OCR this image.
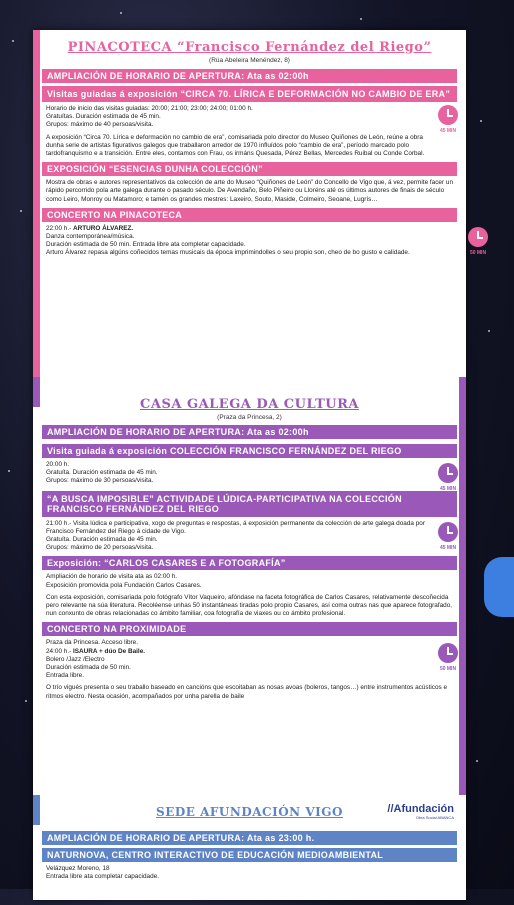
PINACOTECA “Francisco Fernández del Riego”
(Rúa Abeleira Menéndez, 8)
AMPLIACIÓN DE HORARIO DE APERTURA: Ata as 02:00h
Visitas guiadas á exposición “CIRCA 70. LÍRICA E DEFORMACIÓN NO CAMBIO DE ERA”

Horario de inicio das visitas guiadas: 20:00; 21:00; 23:00; 24:00; 01:00 h.

Gratuítas. Duración estimada de 45 min.

Grupos: máximo de 40 persoas/visita.

A exposición “Circa 70. Lírica e deformación no cambio de era”, comisariada polo director do Museo Quiñones de León, reúne a obra dunha serie de artistas figurativos galegos que traballaron arredor de 1970 influídos polo “cambio de era”, período marcado polo tardofranquismo e a transición. Entre eles, contamos con Frau, os irmáns Quesada, Pérez Bellas, Mercedes Ruibal ou Conde Corbal.

45 MIN
EXPOSICIÓN “ESENCIAS DUNHA COLECCIÓN”

Mostra de obras e autores representativos da colección de arte do Museo “Quiñones de León” do Concello de Vigo que, á vez, permite facer un rápido percorrido pola arte galega durante o pasado século. De Avendaño, Belo Piñeiro ou Lloréns até os últimos autores de finais de século como Leiro, Monroy ou Matamoro; e tamén os grandes mestres: Laxeiro, Souto, Maside, Colmeiro, Seoane, Lugrís…

CONCERTO NA PINACOTECA

22:00 h.- ARTURO ÁLVAREZ.

Danza contemporánea/música.

Duración estimada de 50 min. Entrada libre ata completar capacidade.

Arturo Álvarez repasa algúns coñecidos temas musicais da época imprimindolles o seu propio son, cheo de bo gusto e calidade.	50 MIN
CASA GALEGA DA CULTURA
(Praza da Princesa, 2)
AMPLIACIÓN DE HORARIO DE APERTURA: Ata as 02:00h
Visita guiada á exposición COLECCIÓN FRANCISCO FERNÁNDEZ DEL RIEGO

20:00 h.

Gratuíta. Duración estimada de 45 min.

Grupos: máximo de 30 persoas/visita.

45 MIN
“A BUSCA IMPOSIBLE” ACTIVIDADE LÚDICA-PARTICIPATIVA NA COLECCIÓN FRANCISCO FERNÁNDEZ DEL RIEGO

21:00 h.- Visita lúdica e participativa, xogo de preguntas e respostas, á exposición permanente da colección de arte galega doada por Francisco Fernández del Riego á cidade de Vigo.

Gratuíta. Duración estimada de 45 min.

Grupos: máximo de 20 persoas/visita.	45 MIN
Exposición: “CARLOS CASARES E A FOTOGRAFÍA”

Ampliación de horario de visita ata as 02:00 h.

Exposición promovida pola Fundación Carlos Casares.

Con esta exposición, comisariada polo fotógrafo Vítor Vaqueiro, afóndase na faceta fotográfica de Carlos Casares, relativamente descoñecida pero relevante na súa literatura. Recoléense unhas 50 instantáneas tiradas polo propio Casares, así coma outras nas que aparece fotografado, nun conxunto de obras relacionadas co ámbito familiar, coa fotografía de viaxes ou co ámbito profesional.

CONCERTO NA PROXIMIDADE

Praza da Princesa. Acceso libre.

24:00 h.- ISAURA + dúo De Baile.

Bolero /Jazz /Electro

Duración estimada de 50 min.

Entrada libre.

O trío vigués presenta o seu traballo baseado en cancións que escoitaban as nosas avoas (boleros, tangos…) entre instrumentos acústicos e ritmos electro. Nesta ocasión, acompañados por unha parella de baile

50 MIN
SEDE AFUNDACIÓN VIGO	//Afundación
Obra Social ABANCA
AMPLIACIÓN DE HORARIO DE APERTURA: Ata as 23:00 h.
NATURNOVA, CENTRO INTERACTIVO DE EDUCACIÓN MEDIOAMBIENTAL

Velázquez Moreno, 18

Entrada libre ata completar capacidade.
